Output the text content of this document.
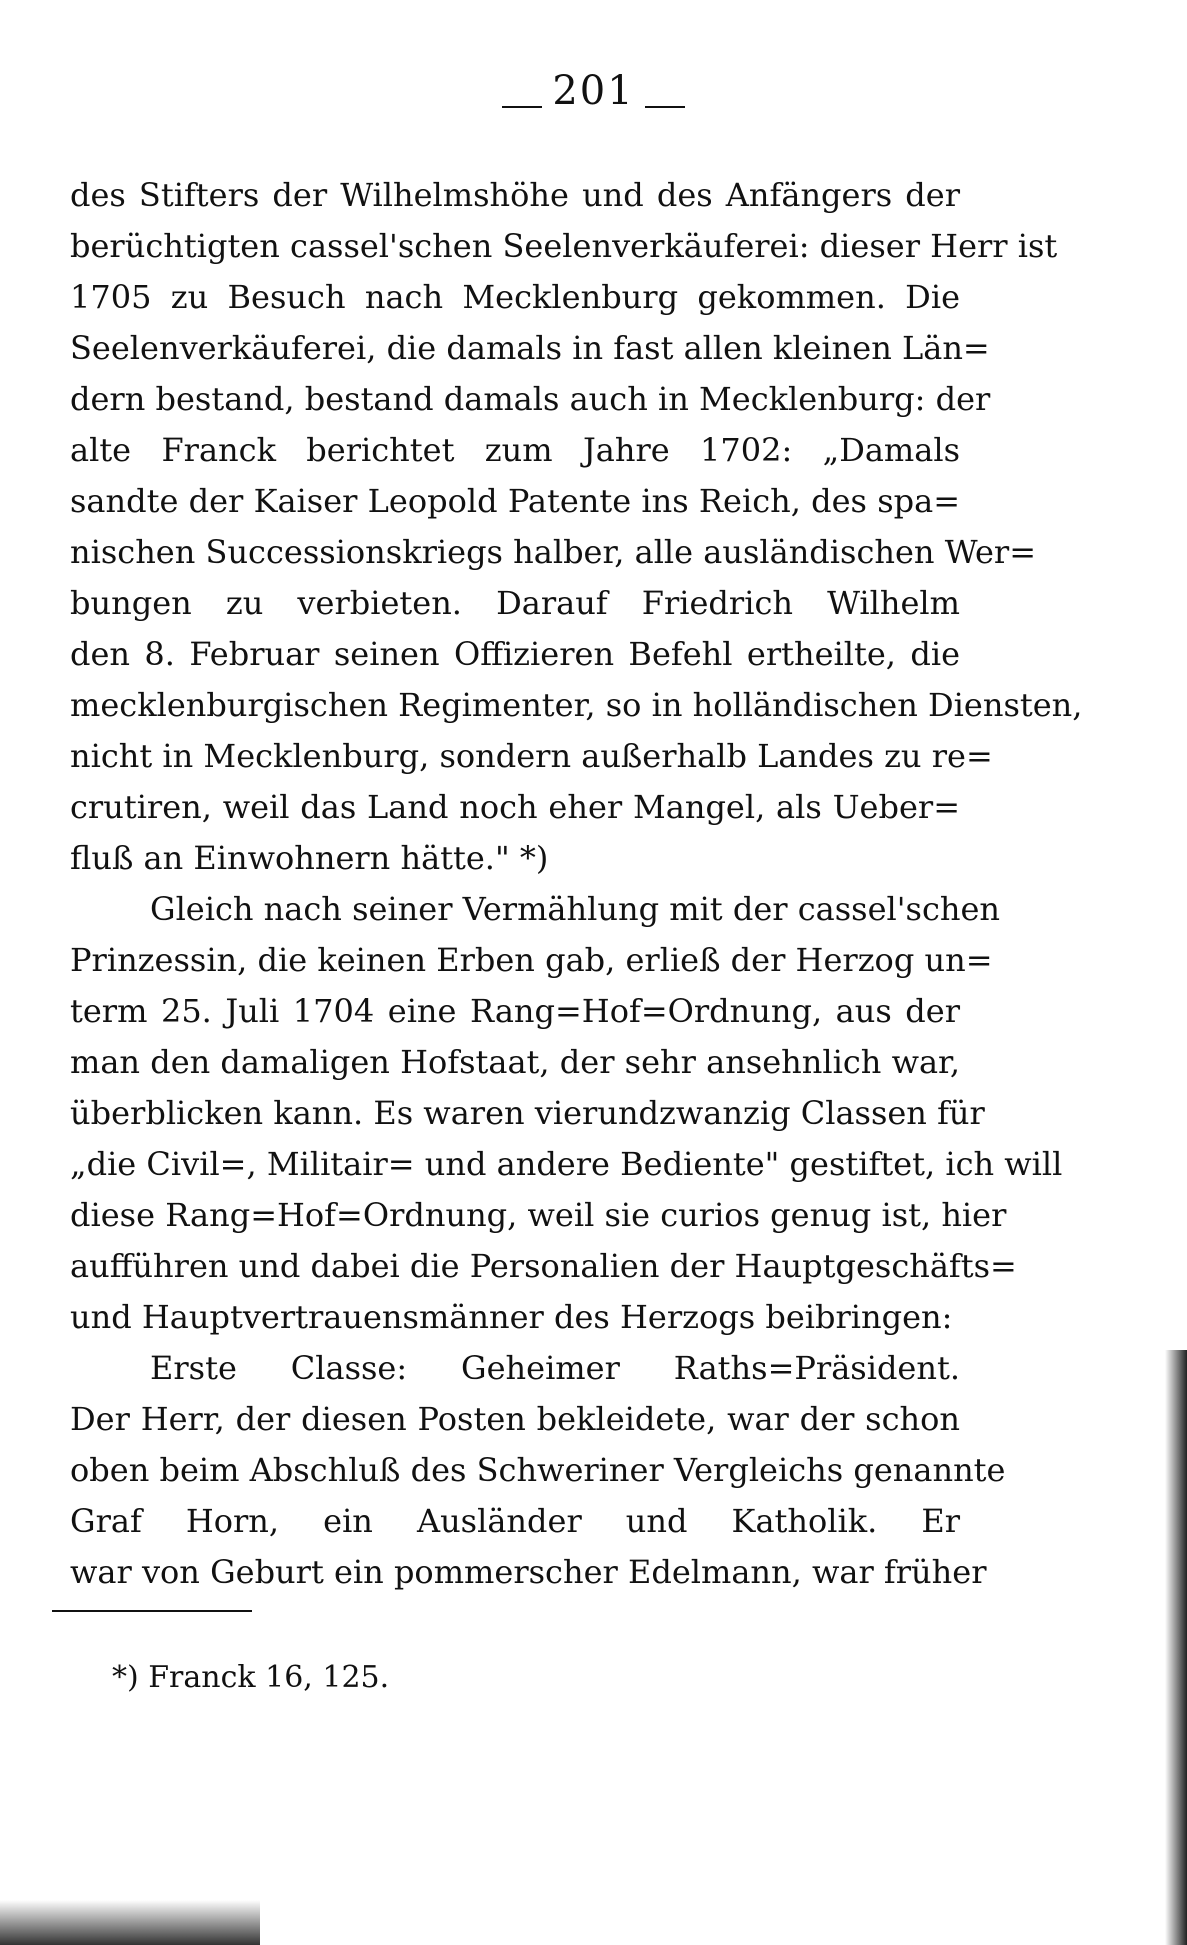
201
des Stifters der Wilhelmshöhe und des Anfängers der
berüchtigten cassel'schen Seelenverkäuferei: dieser Herr ist
1705 zu Besuch nach Mecklenburg gekommen. Die
Seelenverkäuferei, die damals in fast allen kleinen Län=
dern bestand, bestand damals auch in Mecklenburg: der
alte Franck berichtet zum Jahre 1702: „Damals
sandte der Kaiser Leopold Patente ins Reich, des spa=
nischen Successionskriegs halber, alle ausländischen Wer=
bungen zu verbieten. Darauf Friedrich Wilhelm
den 8. Februar seinen Offizieren Befehl ertheilte, die
mecklenburgischen Regimenter, so in holländischen Diensten,
nicht in Mecklenburg, sondern außerhalb Landes zu re=
crutiren, weil das Land noch eher Mangel, als Ueber=
fluß an Einwohnern hätte." *)
Gleich nach seiner Vermählung mit der cassel'schen
Prinzessin, die keinen Erben gab, erließ der Herzog un=
term 25. Juli 1704 eine Rang=Hof=Ordnung, aus der
man den damaligen Hofstaat, der sehr ansehnlich war,
überblicken kann. Es waren vierundzwanzig Classen für
„die Civil=, Militair= und andere Bediente" gestiftet, ich will
diese Rang=Hof=Ordnung, weil sie curios genug ist, hier
aufführen und dabei die Personalien der Hauptgeschäfts=
und Hauptvertrauensmänner des Herzogs beibringen:
Erste Classe: Geheimer Raths=Präsident.
Der Herr, der diesen Posten bekleidete, war der schon
oben beim Abschluß des Schweriner Vergleichs genannte
Graf Horn, ein Ausländer und Katholik. Er
war von Geburt ein pommerscher Edelmann, war früher
*) Franck 16, 125.
